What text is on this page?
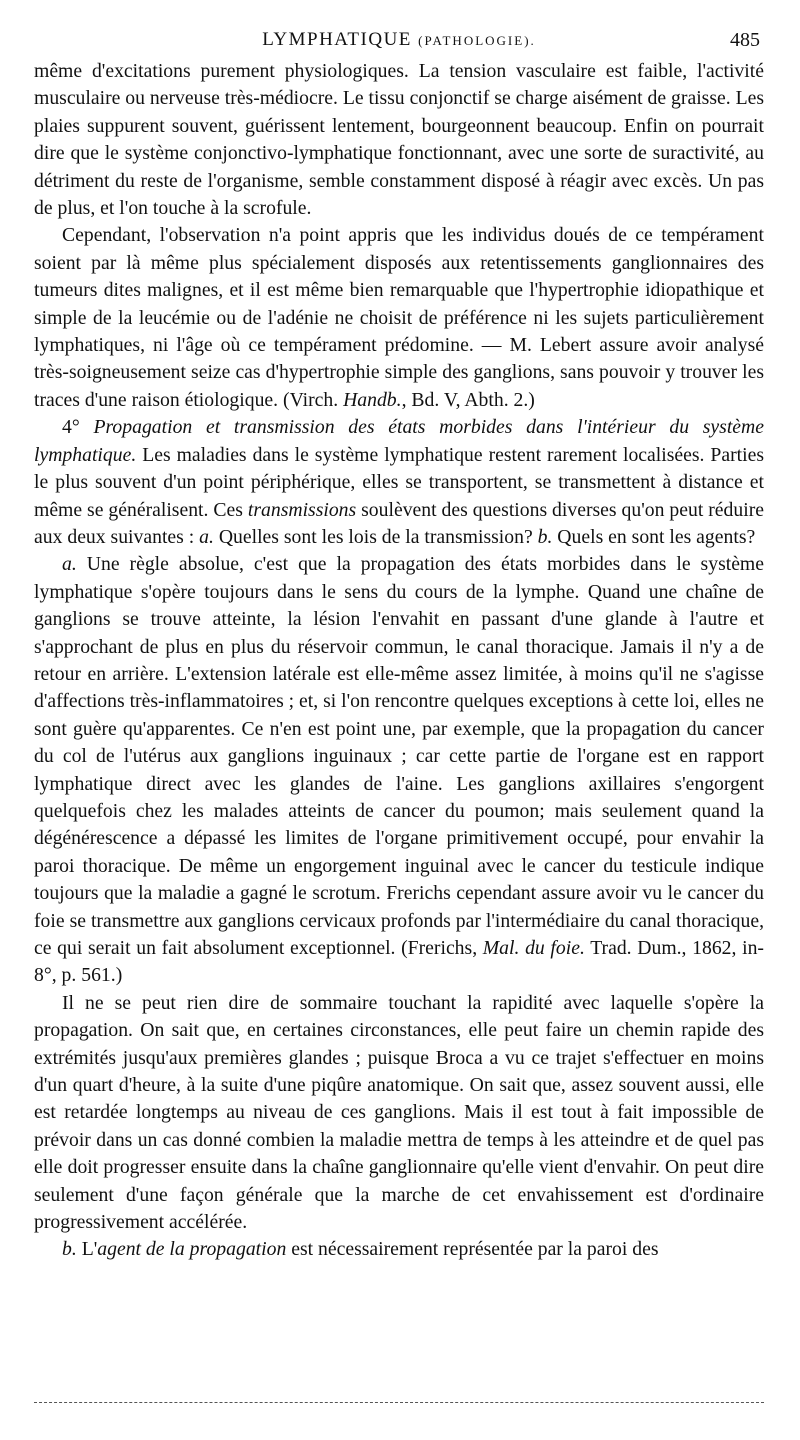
LYMPHATIQUE (PATHOLOGIE).	485

même d'excitations purement physiologiques. La tension vasculaire est faible, l'activité musculaire ou nerveuse très-médiocre. Le tissu conjonctif se charge aisément de graisse. Les plaies suppurent souvent, guérissent lentement, bourgeonnent beaucoup. Enfin on pourrait dire que le système conjonctivo-lymphatique fonctionnant, avec une sorte de suractivité, au détriment du reste de l'organisme, semble constamment disposé à réagir avec excès. Un pas de plus, et l'on touche à la scrofule.

Cependant, l'observation n'a point appris que les individus doués de ce tempérament soient par là même plus spécialement disposés aux retentissements ganglionnaires des tumeurs dites malignes, et il est même bien remarquable que l'hypertrophie idiopathique et simple de la leucémie ou de l'adénie ne choisit de préférence ni les sujets particulièrement lymphatiques, ni l'âge où ce tempérament prédomine. — M. Lebert assure avoir analysé très-soigneusement seize cas d'hypertrophie simple des ganglions, sans pouvoir y trouver les traces d'une raison étiologique. (Virch. Handb., Bd. V, Abth. 2.)

4° Propagation et transmission des états morbides dans l'intérieur du système lymphatique. Les maladies dans le système lymphatique restent rarement localisées. Parties le plus souvent d'un point périphérique, elles se transportent, se transmettent à distance et même se généralisent. Ces transmissions soulèvent des questions diverses qu'on peut réduire aux deux suivantes : a. Quelles sont les lois de la transmission? b. Quels en sont les agents?

a. Une règle absolue, c'est que la propagation des états morbides dans le système lymphatique s'opère toujours dans le sens du cours de la lymphe. Quand une chaîne de ganglions se trouve atteinte, la lésion l'envahit en passant d'une glande à l'autre et s'approchant de plus en plus du réservoir commun, le canal thoracique. Jamais il n'y a de retour en arrière. L'extension latérale est elle-même assez limitée, à moins qu'il ne s'agisse d'affections très-inflammatoires ; et, si l'on rencontre quelques exceptions à cette loi, elles ne sont guère qu'apparentes. Ce n'en est point une, par exemple, que la propagation du cancer du col de l'utérus aux ganglions inguinaux ; car cette partie de l'organe est en rapport lymphatique direct avec les glandes de l'aine. Les ganglions axillaires s'engorgent quelquefois chez les malades atteints de cancer du poumon; mais seulement quand la dégénérescence a dépassé les limites de l'organe primitivement occupé, pour envahir la paroi thoracique. De même un engorgement inguinal avec le cancer du testicule indique toujours que la maladie a gagné le scrotum. Frerichs cependant assure avoir vu le cancer du foie se transmettre aux ganglions cervicaux profonds par l'intermédiaire du canal thoracique, ce qui serait un fait absolument exceptionnel. (Frerichs, Mal. du foie. Trad. Dum., 1862, in-8°, p. 561.)

Il ne se peut rien dire de sommaire touchant la rapidité avec laquelle s'opère la propagation. On sait que, en certaines circonstances, elle peut faire un chemin rapide des extrémités jusqu'aux premières glandes ; puisque Broca a vu ce trajet s'effectuer en moins d'un quart d'heure, à la suite d'une piqûre anatomique. On sait que, assez souvent aussi, elle est retardée longtemps au niveau de ces ganglions. Mais il est tout à fait impossible de prévoir dans un cas donné combien la maladie mettra de temps à les atteindre et de quel pas elle doit progresser ensuite dans la chaîne ganglionnaire qu'elle vient d'envahir. On peut dire seulement d'une façon générale que la marche de cet envahissement est d'ordinaire progressivement accélérée.

b. L'agent de la propagation est nécessairement représentée par la paroi des
